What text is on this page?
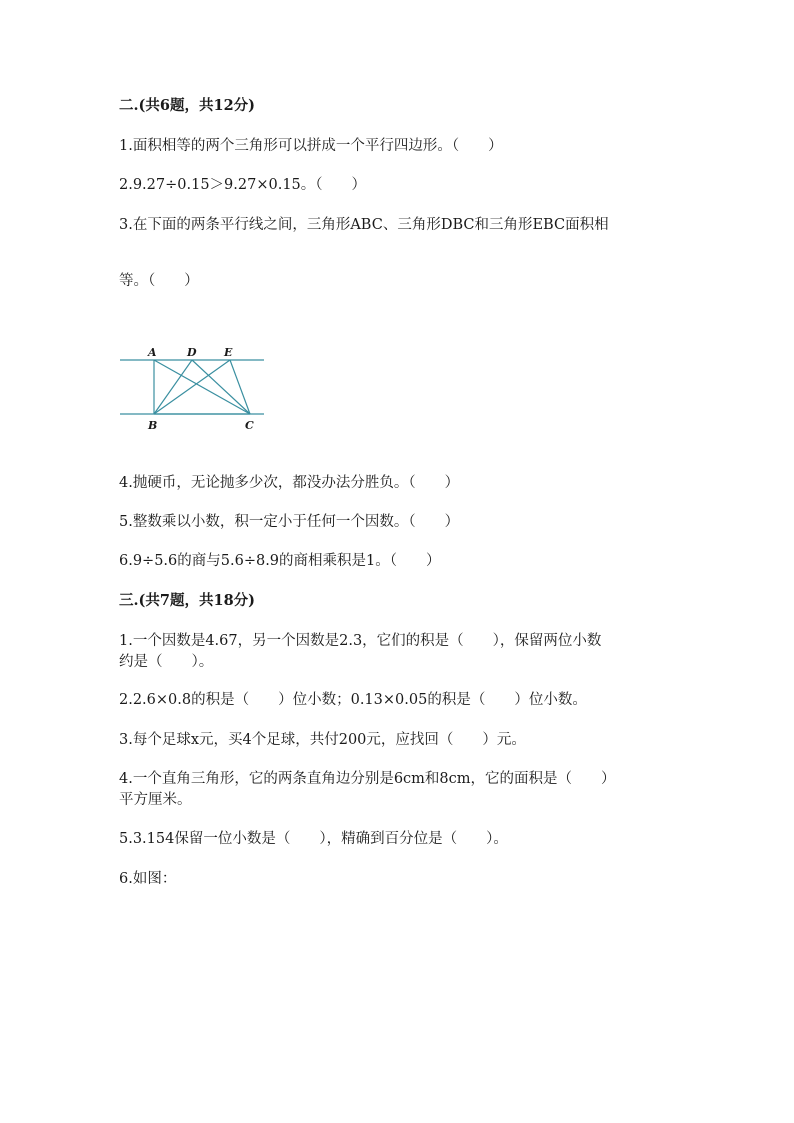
二.(共6题，共12分)
1.面积相等的两个三角形可以拼成一个平行四边形。（　　）
2.9.27÷0.15＞9.27×0.15。（　　）
3.在下面的两条平行线之间，三角形ABC、三角形DBC和三角形EBC面积相
等。（　　）
A	D E
B	C
4.抛硬币，无论抛多少次，都没办法分胜负。（　　）
5.整数乘以小数，积一定小于任何一个因数。（　　）
6.9÷5.6的商与5.6÷8.9的商相乘积是1。（　　）
三.(共7题，共18分)
1.一个因数是4.67，另一个因数是2.3，它们的积是（　　），保留两位小数
约是（　　）。
2.2.6×0.8的积是（　　）位小数；0.13×0.05的积是（　　）位小数。
3.每个足球x元，买4个足球，共付200元，应找回（　　）元。
4.一个直角三角形，它的两条直角边分别是6cm和8cm，它的面积是（　　）
平方厘米。
5.3.154保留一位小数是（　　），精确到百分位是（　　）。
6.如图：
